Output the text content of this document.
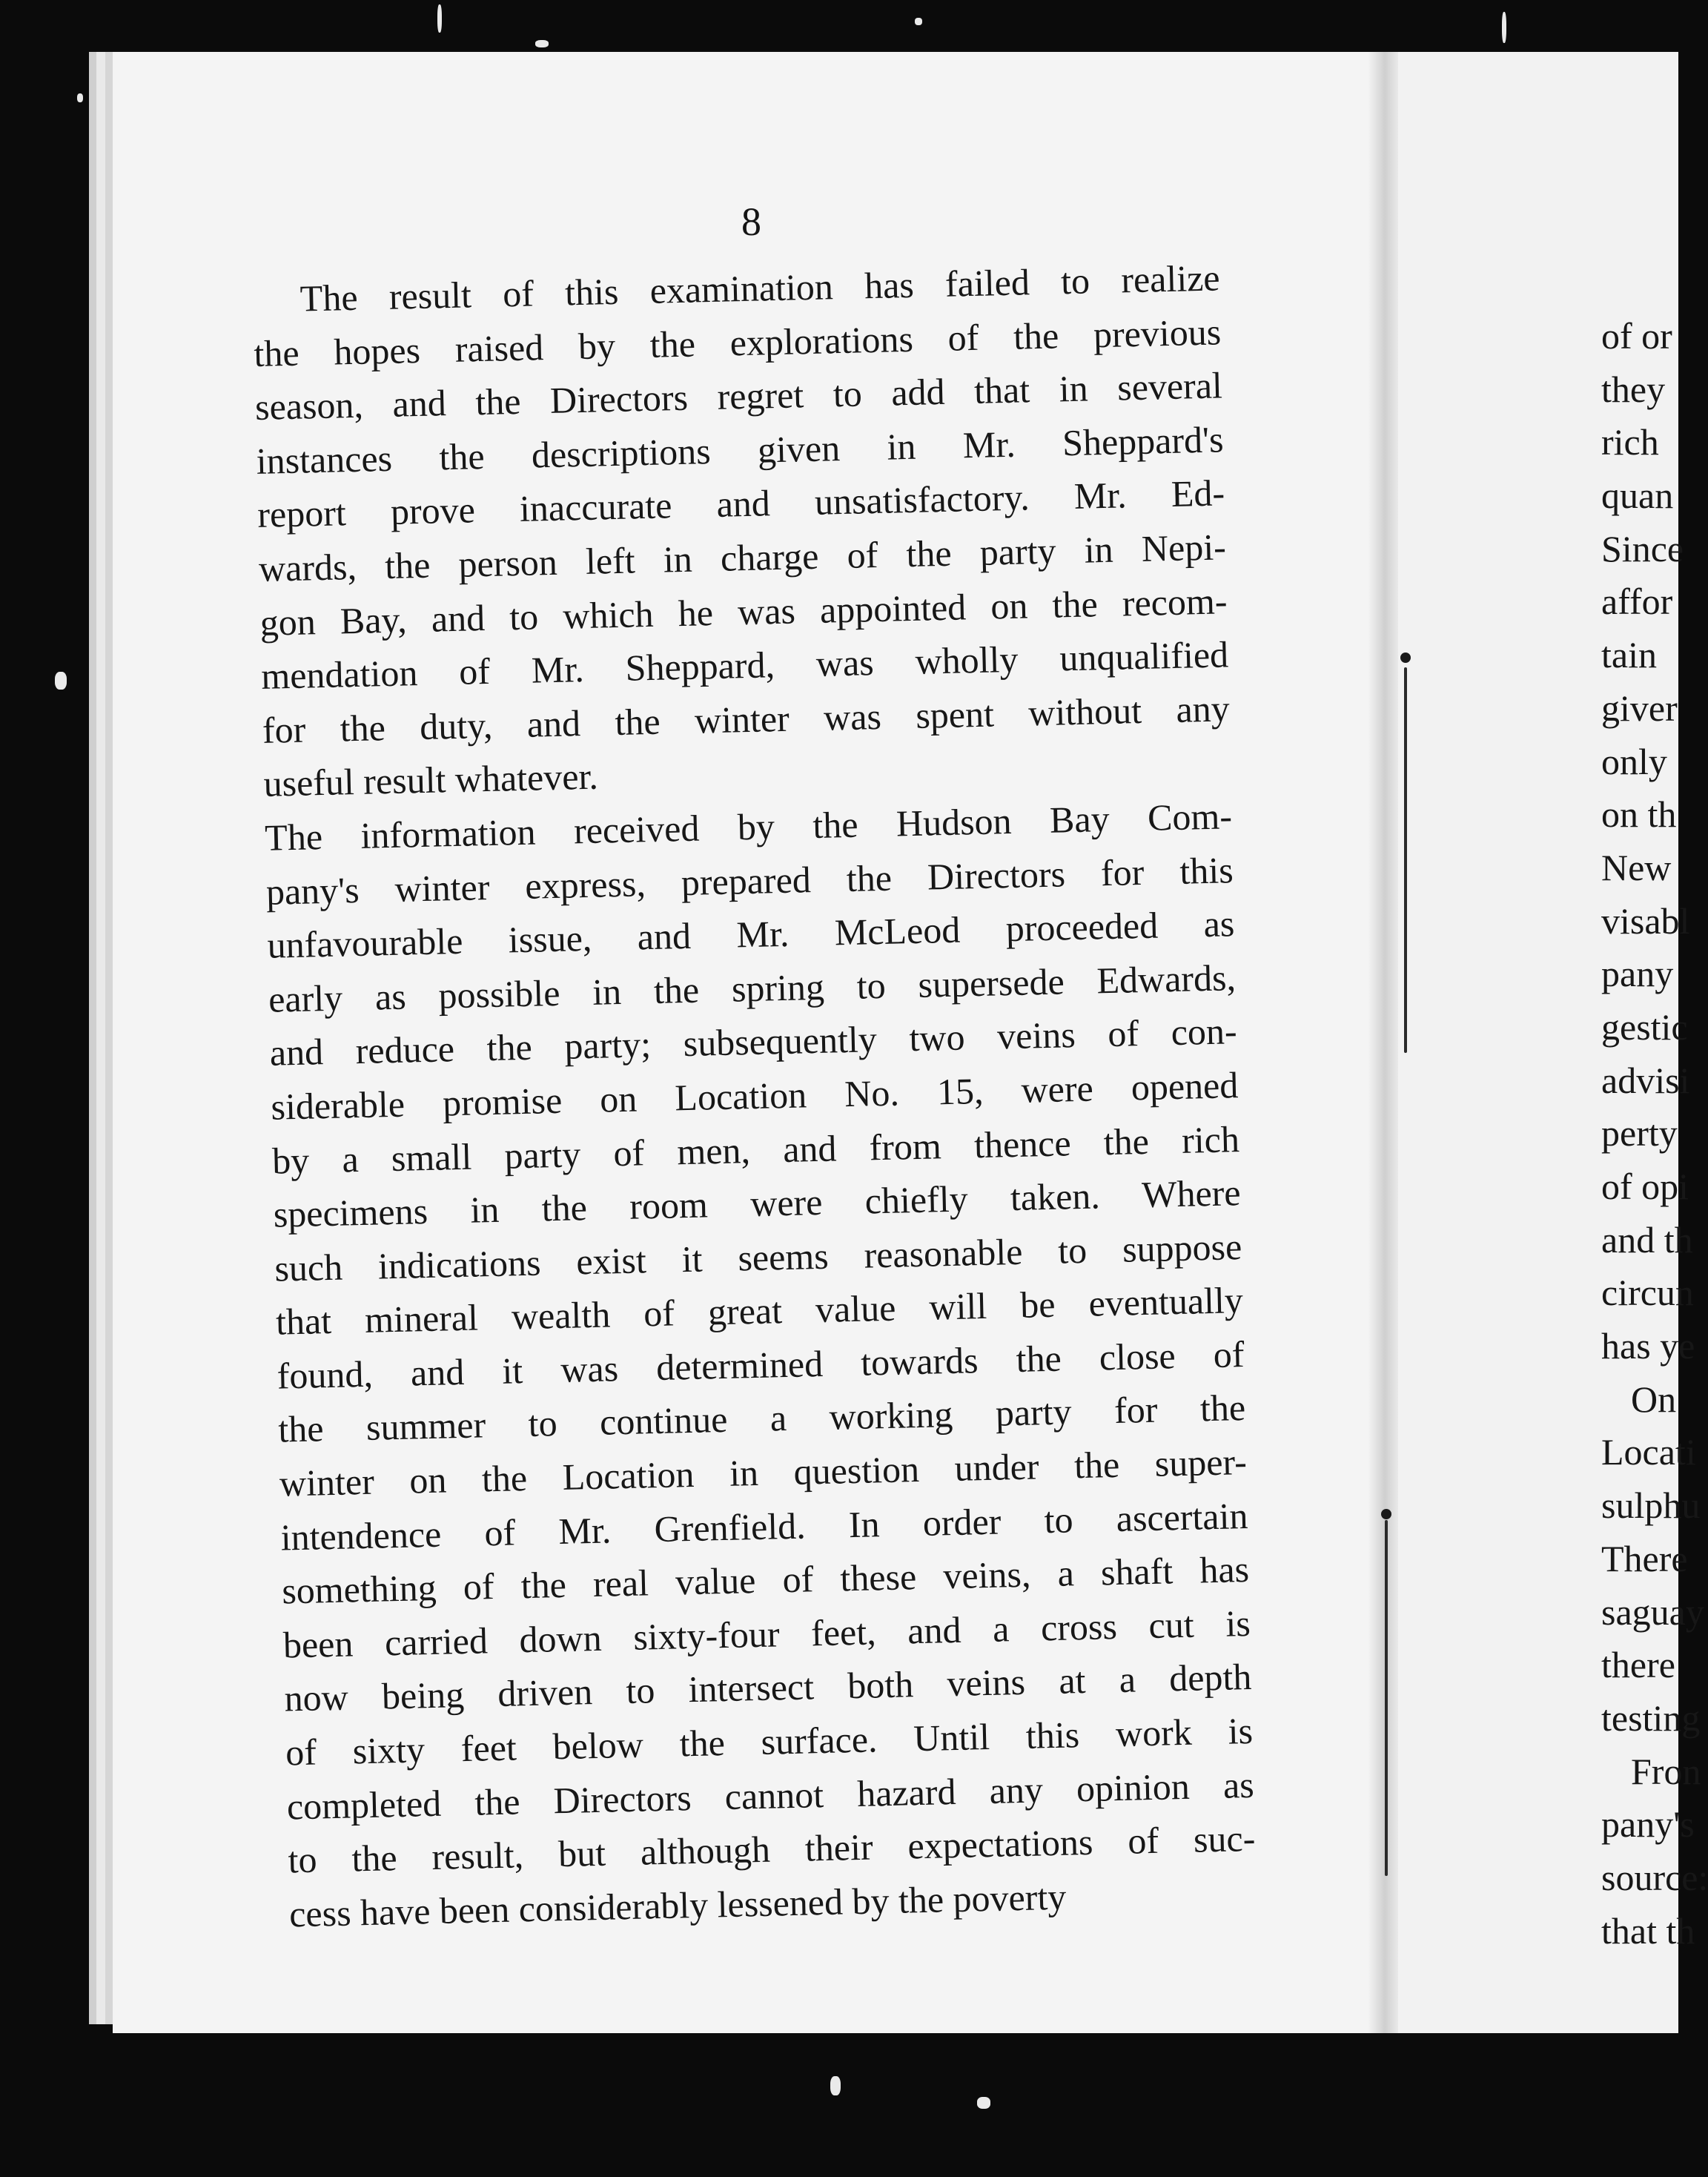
8
The result of this examination has failed to realize
the hopes raised by the explorations of the previous
season, and the Directors regret to add that in several
instances the descriptions given in Mr. Sheppard's
report prove inaccurate and unsatisfactory. Mr. Ed-
wards, the person left in charge of the party in Nepi-
gon Bay, and to which he was appointed on the recom-
mendation of Mr. Sheppard, was wholly unqualified
for the duty, and the winter was spent without any
useful result whatever.
The information received by the Hudson Bay Com-
pany's winter express, prepared the Directors for this
unfavourable issue, and Mr. McLeod proceeded as
early as possible in the spring to supersede Edwards,
and reduce the party; subsequently two veins of con-
siderable promise on Location No. 15, were opened
by a small party of men, and from thence the rich
specimens in the room were chiefly taken. Where
such indications exist it seems reasonable to suppose
that mineral wealth of great value will be eventually
found, and it was determined towards the close of
the summer to continue a working party for the
winter on the Location in question under the super-
intendence of Mr. Grenfield. In order to ascertain
something of the real value of these veins, a shaft has
been carried down sixty-four feet, and a cross cut is
now being driven to intersect both veins at a depth
of sixty feet below the surface. Until this work is
completed the Directors cannot hazard any opinion as
to the result, but although their expectations of suc-
cess have been considerably lessened by the poverty
of or
they
rich
quan
Since
affor
tain
giver
only
on th
New
visabl
pany
gestic
advisi
perty
of opi
and th
circun
has ye
On
Locati
sulphu
There
saguay
there
testing
Fron
pany's
source:
that th
